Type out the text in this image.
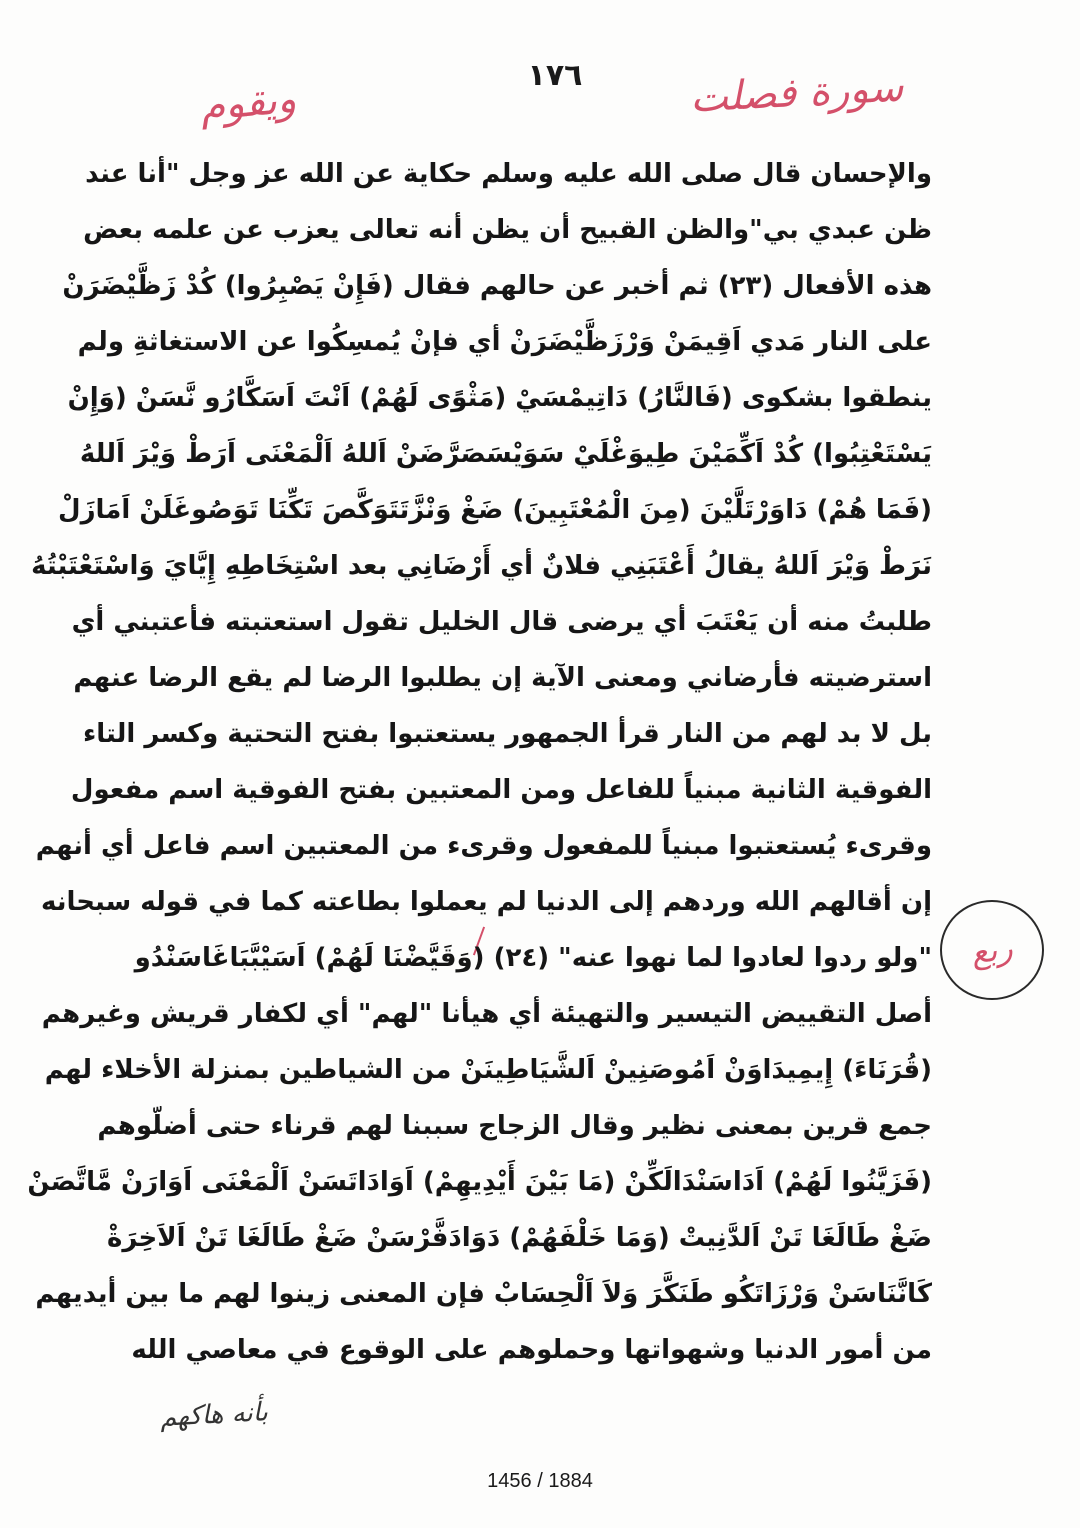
١٧٦
ويقوم	سورة فصلت
ربع
والإحسان قال صلى الله عليه وسلم حكاية عن الله عز وجل "أنا عند
ظن عبدي بي"والظن القبيح أن يظن أنه تعالى يعزب عن علمه بعض
هذه الأفعال (٢٣) ثم أخبر عن حالهم فقال (فَإِنْ يَصْبِرُوا) كُدْ زَظَّيْضَرَنْ
على النار مَدي اَقِيمَنْ وَرْزَظَّيْضَرَنْ أي فإنْ يُمسِكُوا عن الاستغاثةِ ولم
ينطقوا بشكوى (فَالنَّارُ) دَاتِيمْسَيْ (مَثْوًى لَهُمْ) اَنْتَ اَسَكَّارُو نَّسَنْ (وَإِنْ
يَسْتَعْتِبُوا) كُدْ اَكِّمَيْنَ طِيوَغْلَيْ سَوَيْسَصَرَّضَنْ اَللهُ اَلْمَعْنَى اَرَطْ وَيْرَ اَللهُ
(فَمَا هُمْ) دَاوَرْتَلَّيْنَ (مِنَ الْمُعْتَبِينَ) ضَغْ وَنْزَّتَتَوَكَّصَ تَكِّنَا تَوَصُوغَلَنْ اَمَازَلْ
نَرَطْ وَيْرَ اَللهُ يقالُ أَعْتَبَنِي فلانٌ أي أَرْضَانِي بعد اسْتِخَاطِهِ إِيَّايَ وَاسْتَعْتَبْتُهُ
طلبتُ منه أن يَعْتَبَ أي يرضى قال الخليل تقول استعتبته فأعتبني أي
استرضيته فأرضاني ومعنى الآية إن يطلبوا الرضا لم يقع الرضا عنهم
بل لا بد لهم من النار قرأ الجمهور يستعتبوا بفتح التحتية وكسر التاء
الفوقية الثانية مبنياً للفاعل ومن المعتبين بفتح الفوقية اسم مفعول
وقرىء يُستعتبوا مبنياً للمفعول وقرىء من المعتبين اسم فاعل أي أنهم
إن أقالهم الله وردهم إلى الدنيا لم يعملوا بطاعته كما في قوله سبحانه
"ولو ردوا لعادوا لما نهوا عنه" (٢٤) (وَقَيَّضْنَا لَهُمْ) اَسَيْبَّبَاغَاسَنْدُو
أصل التقييض التيسير والتهيئة أي هيأنا "لهم" أي لكفار قريش وغيرهم
(قُرَنَاءَ) إِيمِيدَاوَنْ اَمُوصَنِينْ اَلشَّيَاطِينَنْ من الشياطين بمنزلة الأخلاء لهم
جمع قرين بمعنى نظير وقال الزجاج سببنا لهم قرناء حتى أضلّوهم
(فَزَيَّنُوا لَهُمْ) اَدَاسَنْدَالَكِّنْ (مَا بَيْنَ أَيْدِيهِمْ) اَوَادَاتَسَنْ اَلْمَعْنَى اَوَارَنْ مَّاتَّصَنْ
ضَغْ طَالَغَا تَنْ اَلدَّنِيتْ (وَمَا خَلْفَهُمْ) دَوَادَفَّرْسَنْ ضَغْ طَالَغَا تَنْ اَلاَخِرَةْ
كَانَّنَاسَنْ وَرْزَاتَكُو طَنَكَّرَ وَلاَ اَلْحِسَابْ فإن المعنى زينوا لهم ما بين أيديهم
من أمور الدنيا وشهواتها وحملوهم على الوقوع في معاصي الله
بأنه هاكهم
1456 / 1884
